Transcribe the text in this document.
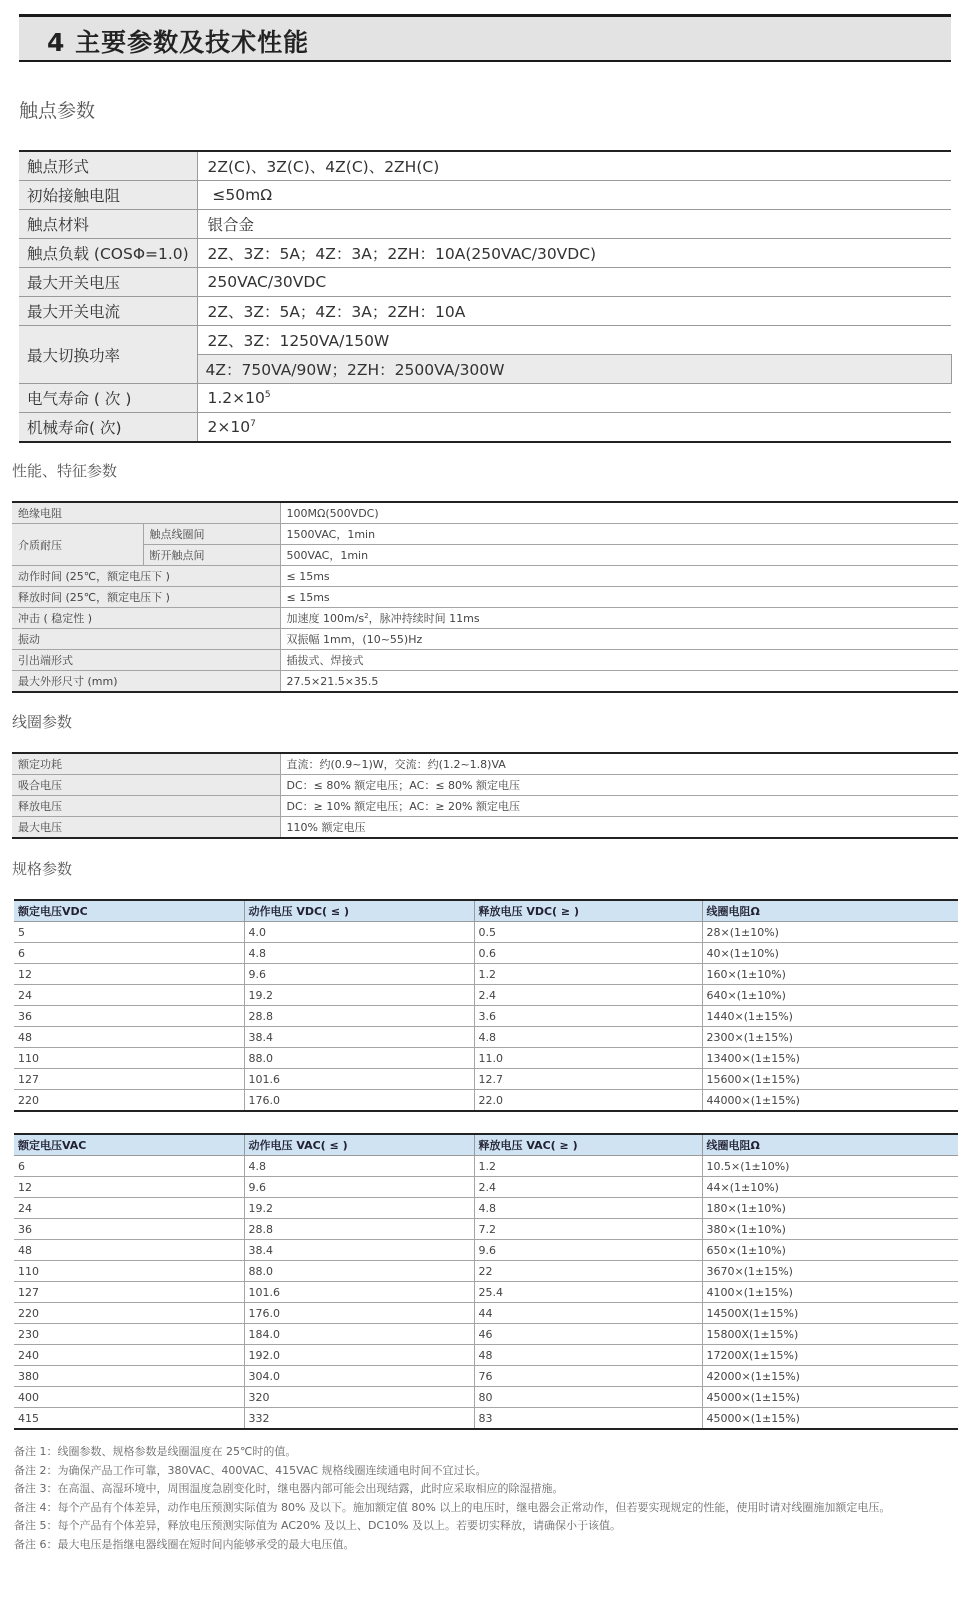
4 主要参数及技术性能
触点参数
触点形式	2Z(C)、3Z(C)、4Z(C)、2ZH(C)
初始接触电阻	≤50mΩ
触点材料	银合金
触点负载 (COSΦ=1.0)	2Z、3Z：5A；4Z：3A；2ZH：10A(250VAC/30VDC)
最大开关电压	250VAC/30VDC
最大开关电流	2Z、3Z：5A；4Z：3A；2ZH：10A
最大切换功率	2Z、3Z：1250VA/150W
	4Z：750VA/90W；2ZH：2500VA/300W
电气寿命 ( 次 )	$1.2\times 10^5$
机械寿命( 次)	$2\times 10^7$
性能、特征参数
绝缘电阻		100MΩ(500VDC)
介质耐压	触点线圈间	1500VAC，1min
	断开触点间	500VAC，1min
动作时间 (25℃，额定电压下 )		≤ 15ms
释放时间 (25℃，额定电压下 )		≤ 15ms
冲击 ( 稳定性 )		加速度 $100m/s^2$，脉冲持续时间 11ms
振动		双振幅 1mm，(10~55)Hz
引出端形式		插拔式、焊接式
最大外形尺寸 (mm)		27.5×21.5×35.5
线圈参数
额定功耗	直流：约(0.9~1)W，交流：约(1.2~1.8)VA
吸合电压	DC：≤ 80% 额定电压；AC：≤ 80% 额定电压
释放电压	DC：≥ 10% 额定电压；AC：≥ 20% 额定电压
最大电压	110% 额定电压
规格参数
额定电压VDC	动作电压 VDC( ≤ )	释放电压 VDC( ≥ )	线圈电阻Ω
5	4.0	0.5	28×(1±10%)
6	4.8	0.6	40×(1±10%)
12	9.6	1.2	160×(1±10%)
24	19.2	2.4	640×(1±10%)
36	28.8	3.6	1440×(1±15%)
48	38.4	4.8	2300×(1±15%)
110	88.0	11.0	13400×(1±15%)
127	101.6	12.7	15600×(1±15%)
220	176.0	22.0	44000×(1±15%)
额定电压VAC	动作电压 VAC( ≤ )	释放电压 VAC( ≥ )	线圈电阻Ω
6	4.8	1.2	10.5×(1±10%)
12	9.6	2.4	44×(1±10%)
24	19.2	4.8	180×(1±10%)
36	28.8	7.2	380×(1±10%)
48	38.4	9.6	650×(1±10%)
110	88.0	22	3670×(1±15%)
127	101.6	25.4	4100×(1±15%)
220	176.0	44	14500X(1±15%)
230	184.0	46	15800X(1±15%)
240	192.0	48	17200X(1±15%)
380	304.0	76	42000×(1±15%)
400	320	80	45000×(1±15%)
415	332	83	45000×(1±15%)
备注 1：线圈参数、规格参数是线圈温度在 25℃时的值。
备注 2：为确保产品工作可靠，380VAC、400VAC、415VAC 规格线圈连续通电时间不宜过长。
备注 3：在高温、高湿环境中，周围温度急剧变化时，继电器内部可能会出现结露，此时应采取相应的除湿措施。
备注 4：每个产品有个体差异，动作电压预测实际值为 80% 及以下。施加额定值 80% 以上的电压时，继电器会正常动作，但若要实现规定的性能，使用时请对线圈施加额定电压。
备注 5：每个产品有个体差异，释放电压预测实际值为 AC20% 及以上、DC10% 及以上。若要切实释放，请确保小于该值。
备注 6：最大电压是指继电器线圈在短时间内能够承受的最大电压值。
